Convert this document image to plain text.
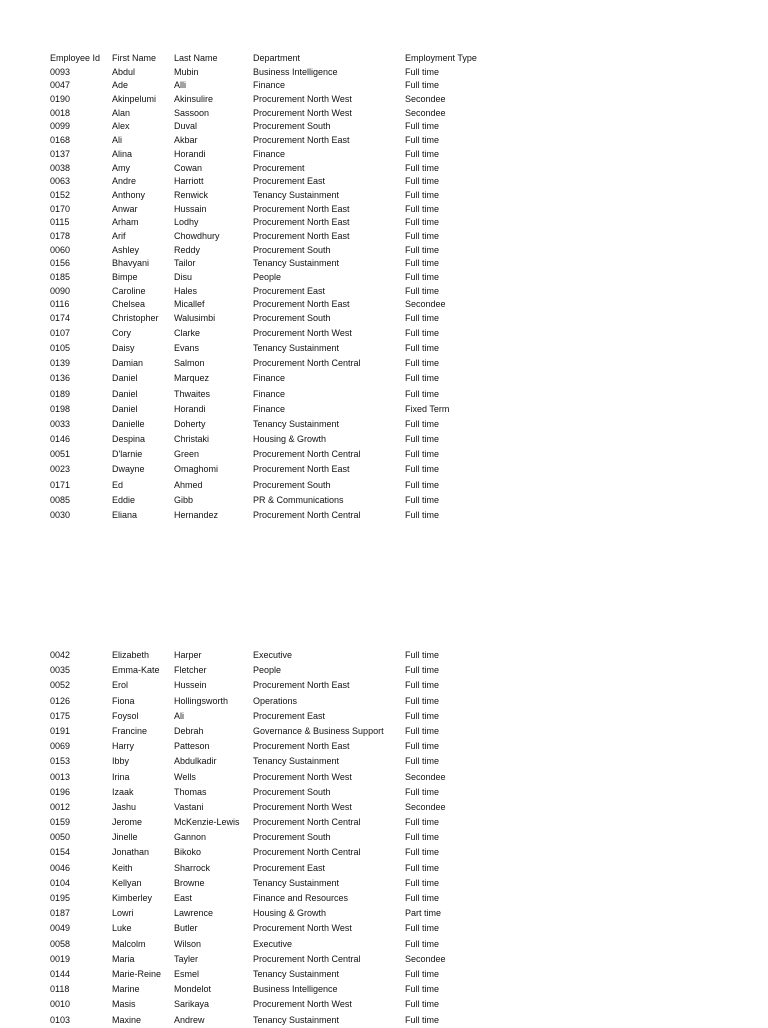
Employee Id	First Name	Last Name	Department	Employment Type
0093	Abdul	Mubin	Business Intelligence	Full time
0047	Ade	Alli	Finance	Full time
0190	Akinpelumi	Akinsulire	Procurement North West	Secondee
0018	Alan	Sassoon	Procurement North West	Secondee
0099	Alex	Duval	Procurement South	Full time
0168	Ali	Akbar	Procurement North East	Full time
0137	Alina	Horandi	Finance	Full time
0038	Amy	Cowan	Procurement	Full time
0063	Andre	Harriott	Procurement East	Full time
0152	Anthony	Renwick	Tenancy Sustainment	Full time
0170	Anwar	Hussain	Procurement North East	Full time
0115	Arham	Lodhy	Procurement North East	Full time
0178	Arif	Chowdhury	Procurement North East	Full time
0060	Ashley	Reddy	Procurement South	Full time
0156	Bhavyani	Tailor	Tenancy Sustainment	Full time
0185	Bimpe	Disu	People	Full time
0090	Caroline	Hales	Procurement East	Full time
0116	Chelsea	Micallef	Procurement North East	Secondee
0174	Christopher	Walusimbi	Procurement South	Full time
0107	Cory	Clarke	Procurement North West	Full time
0105	Daisy	Evans	Tenancy Sustainment	Full time
0139	Damian	Salmon	Procurement North Central	Full time
0136	Daniel	Marquez	Finance	Full time
0189	Daniel	Thwaites	Finance	Full time
0198	Daniel	Horandi	Finance	Fixed Term
0033	Danielle	Doherty	Tenancy Sustainment	Full time
0146	Despina	Christaki	Housing & Growth	Full time
0051	D'larnie	Green	Procurement North Central	Full time
0023	Dwayne	Omaghomi	Procurement North East	Full time
0171	Ed	Ahmed	Procurement South	Full time
0085	Eddie	Gibb	PR & Communications	Full time
0030	Eliana	Hernandez	Procurement North Central	Full time
0042	Elizabeth	Harper	Executive	Full time
0035	Emma-Kate	Fletcher	People	Full time
0052	Erol	Hussein	Procurement North East	Full time
0126	Fiona	Hollingsworth	Operations	Full time
0175	Foysol	Ali	Procurement East	Full time
0191	Francine	Debrah	Governance & Business Support	Full time
0069	Harry	Patteson	Procurement North East	Full time
0153	Ibby	Abdulkadir	Tenancy Sustainment	Full time
0013	Irina	Wells	Procurement North West	Secondee
0196	Izaak	Thomas	Procurement South	Full time
0012	Jashu	Vastani	Procurement North West	Secondee
0159	Jerome	McKenzie-Lewis	Procurement North Central	Full time
0050	Jinelle	Gannon	Procurement South	Full time
0154	Jonathan	Bikoko	Procurement North Central	Full time
0046	Keith	Sharrock	Procurement East	Full time
0104	Kellyan	Browne	Tenancy Sustainment	Full time
0195	Kimberley	East	Finance and Resources	Full time
0187	Lowri	Lawrence	Housing & Growth	Part time
0049	Luke	Butler	Procurement North West	Full time
0058	Malcolm	Wilson	Executive	Full time
0019	Maria	Tayler	Procurement North Central	Secondee
0144	Marie-Reine	Esmel	Tenancy Sustainment	Full time
0118	Marine	Mondelot	Business Intelligence	Full time
0010	Masis	Sarikaya	Procurement North West	Full time
0103	Maxine	Andrew	Tenancy Sustainment	Full time
